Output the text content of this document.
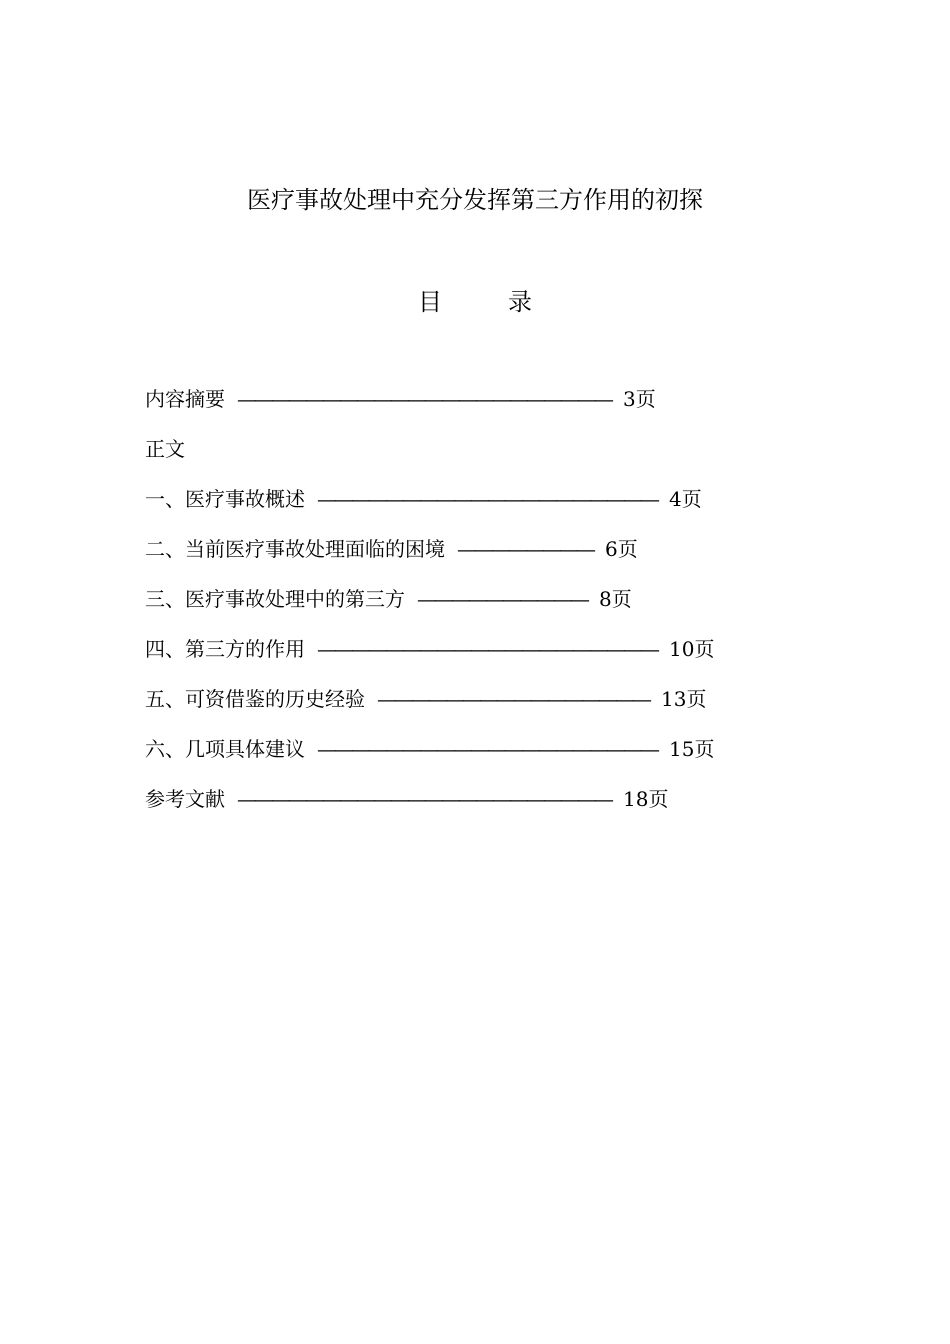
医疗事故处理中充分发挥第三方作用的初探
目	录
内容摘要 —————————————————————— 3页
正文
一、医疗事故概述 ———————————————————— 4页
二、当前医疗事故处理面临的困境 ———————— 6页
三、医疗事故处理中的第三方 —————————— 8页
四、第三方的作用 ———————————————————— 10页
五、可资借鉴的历史经验 ———————————————— 13页
六、几项具体建议 ———————————————————— 15页
参考文献 —————————————————————— 18页
